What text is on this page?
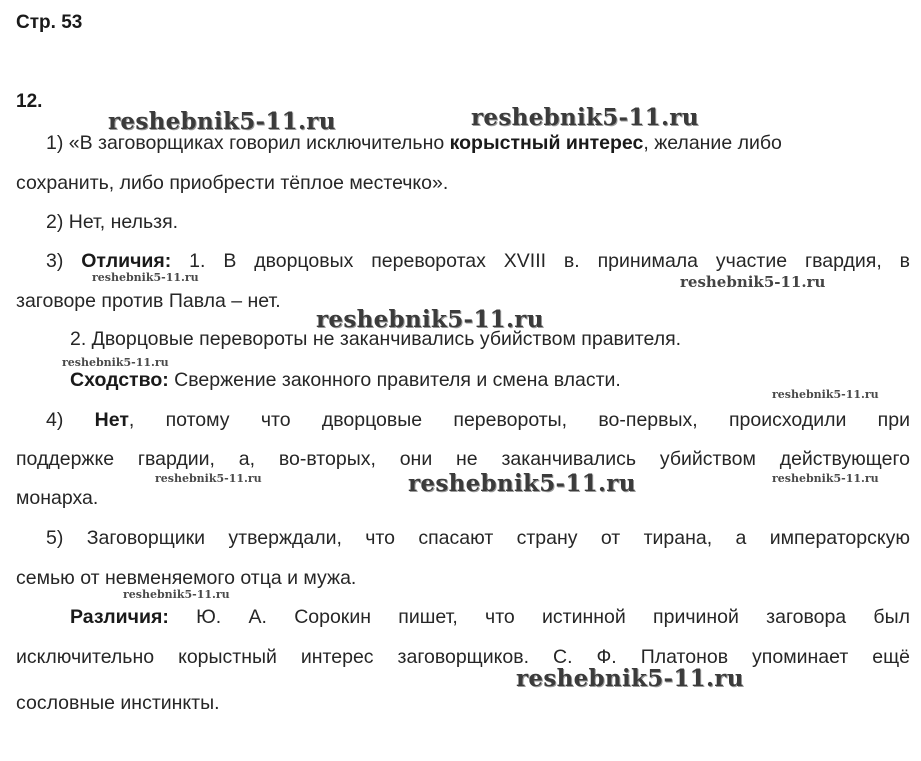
Стр. 53
12.
1) «В заговорщиках говорил исключительно корыстный интерес, желание либо
сохранить, либо приобрести тёплое местечко».
2) Нет, нельзя.
3) Отличия: 1. В дворцовых переворотах XVIII в. принимала участие гвардия, в
заговоре против Павла – нет.
2. Дворцовые перевороты не заканчивались убийством правителя.
Сходство: Свержение законного правителя и смена власти.
4) Нет, потому что дворцовые перевороты, во-первых, происходили при
поддержке гвардии, а, во-вторых, они не заканчивались убийством действующего
монарха.
5) Заговорщики утверждали, что спасают страну от тирана, а императорскую
семью от невменяемого отца и мужа.
Различия: Ю. А. Сорокин пишет, что истинной причиной заговора был
исключительно корыстный интерес заговорщиков. С. Ф. Платонов упоминает ещё
сословные инстинкты.
reshebnik5-11.ru	reshebnik5-11.ru
reshebnik5-11.ru	reshebnik5-11.ru
reshebnik5-11.ru
reshebnik5-11.ru
reshebnik5-11.ru
reshebnik5-11.ru	reshebnik5-11.ru	reshebnik5-11.ru
reshebnik5-11.ru
reshebnik5-11.ru
